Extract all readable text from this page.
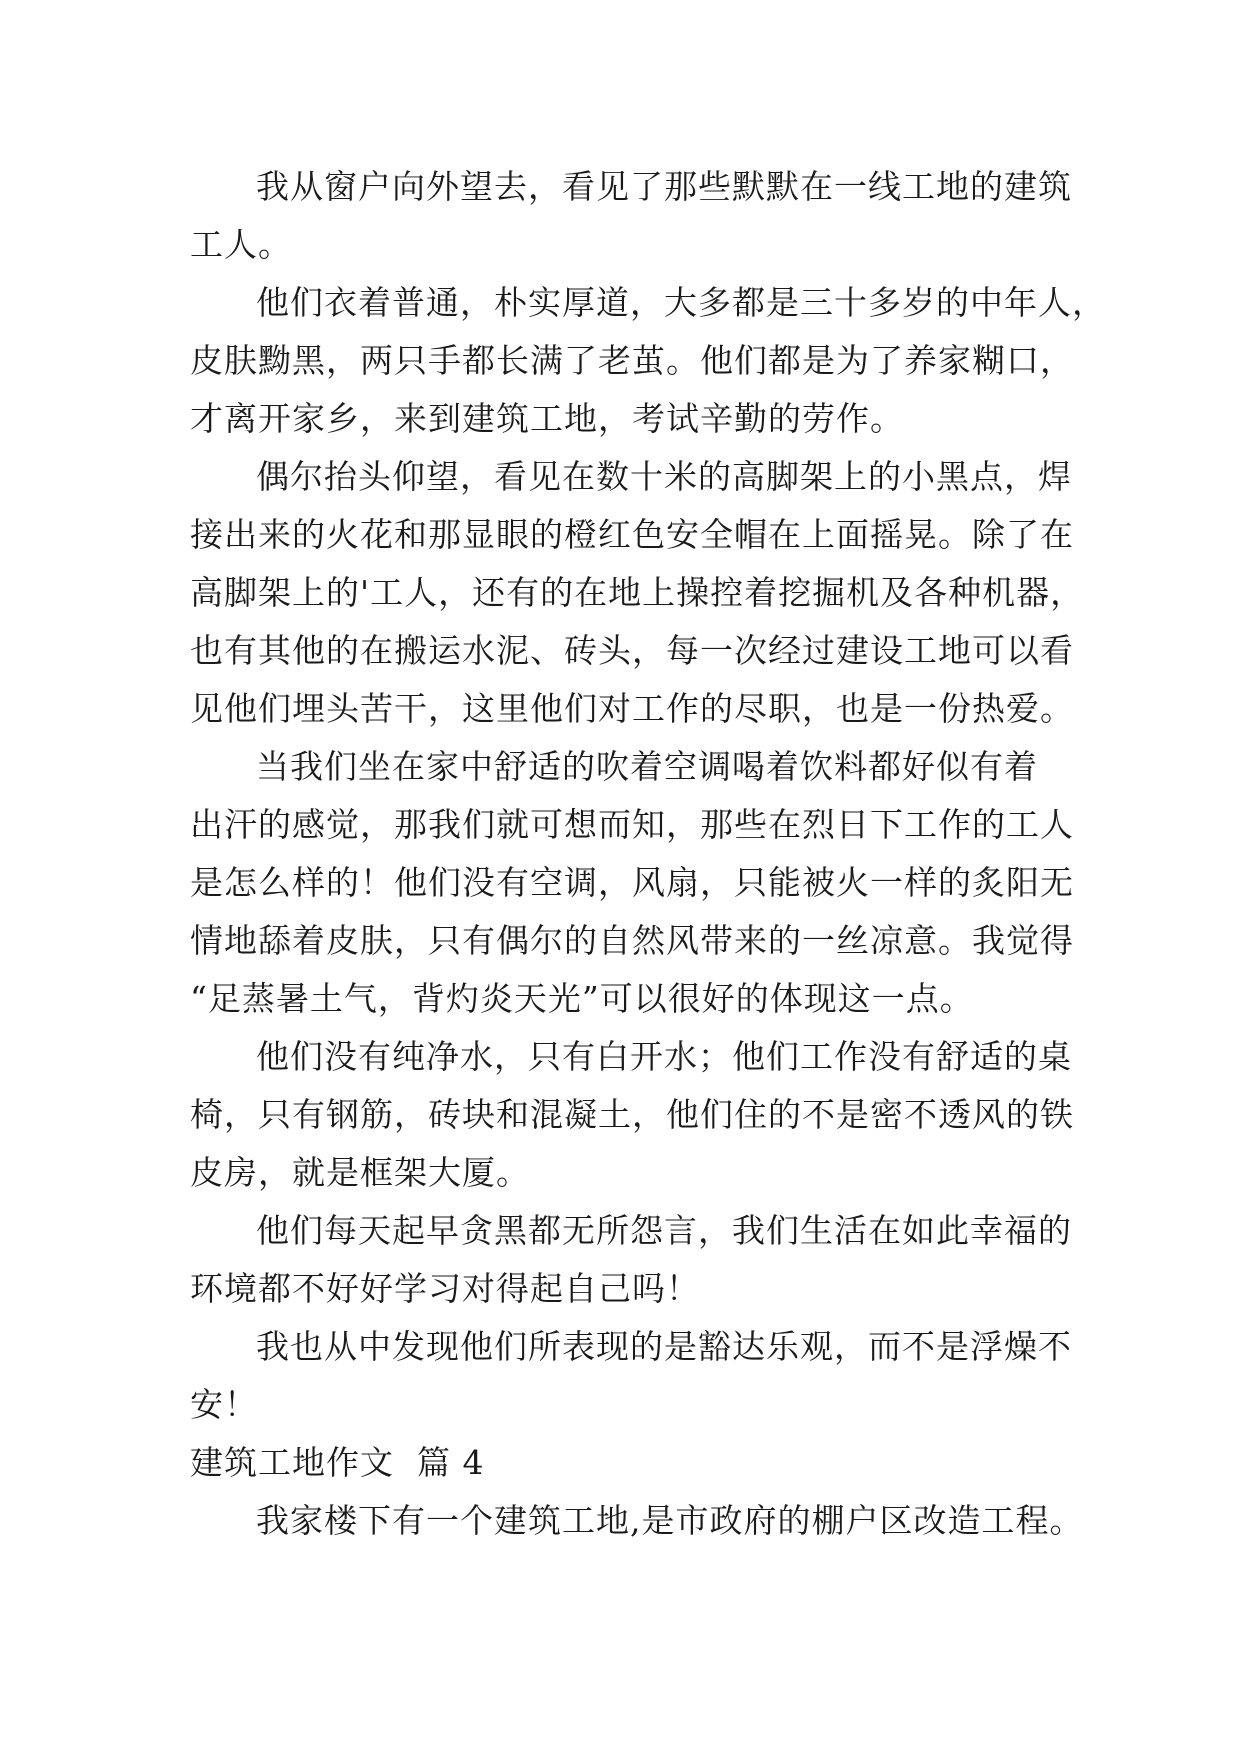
我从窗户向外望去，看见了那些默默在一线工地的建筑
工人。

他们衣着普通，朴实厚道，大多都是三十多岁的中年人，
皮肤黝黑，两只手都长满了老茧。他们都是为了养家糊口，
才离开家乡，来到建筑工地，考试辛勤的劳作。

偶尔抬头仰望，看见在数十米的高脚架上的小黑点，焊
接出来的火花和那显眼的橙红色安全帽在上面摇晃。除了在
高脚架上的'工人，还有的在地上操控着挖掘机及各种机器，
也有其他的在搬运水泥、砖头，每一次经过建设工地可以看
见他们埋头苦干，这里他们对工作的尽职，也是一份热爱。

当我们坐在家中舒适的吹着空调喝着饮料都好似有着
出汗的感觉，那我们就可想而知，那些在烈日下工作的工人
是怎么样的！他们没有空调，风扇，只能被火一样的炙阳无
情地舔着皮肤，只有偶尔的自然风带来的一丝凉意。我觉得
“足蒸暑土气，背灼炎天光”可以很好的体现这一点。

他们没有纯净水，只有白开水；他们工作没有舒适的桌
椅，只有钢筋，砖块和混凝土，他们住的不是密不透风的铁
皮房，就是框架大厦。

他们每天起早贪黑都无所怨言，我们生活在如此幸福的
环境都不好好学习对得起自己吗！

我也从中发现他们所表现的是豁达乐观，而不是浮燥不
安！

建筑工地作文  篇 4

我家楼下有一个建筑工地,是市政府的棚户区改造工程。
